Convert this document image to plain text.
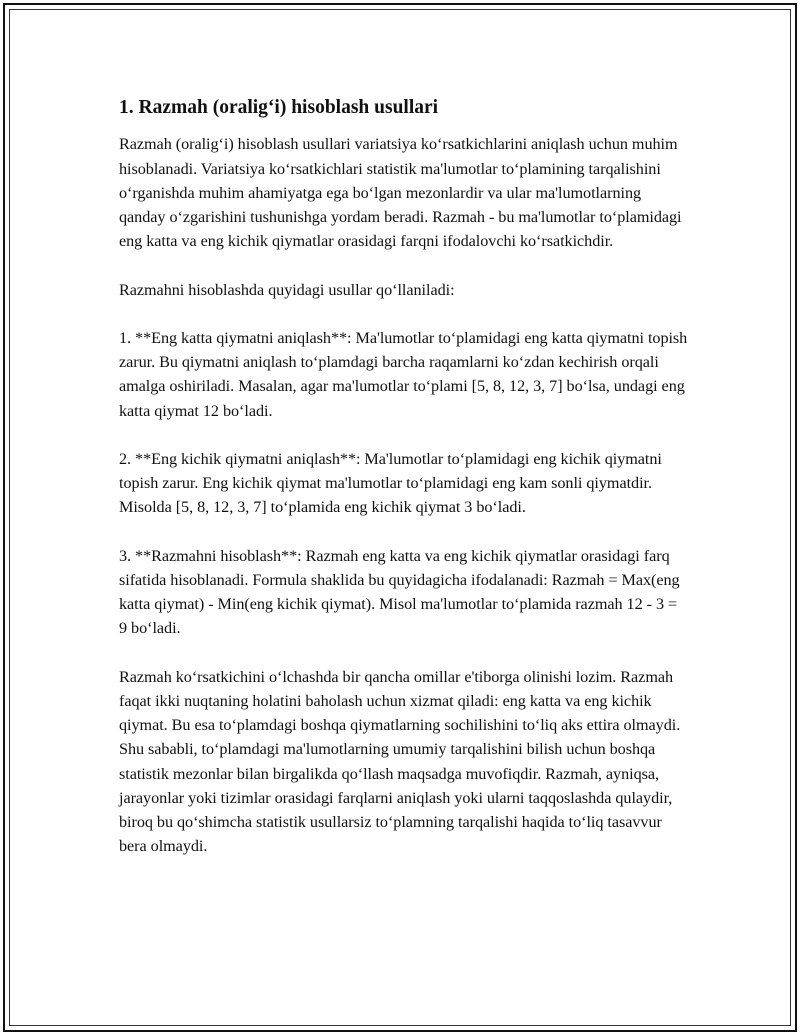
1. Razmah (oralig‘i) hisoblash usullari

Razmah (oralig‘i) hisoblash usullari variatsiya ko‘rsatkichlarini aniqlash uchun muhim hisoblanadi. Variatsiya ko‘rsatkichlari statistik ma'lumotlar to‘plamining tarqalishini o‘rganishda muhim ahamiyatga ega bo‘lgan mezonlardir va ular ma'lumotlarning qanday o‘zgarishini tushunishga yordam beradi. Razmah - bu ma'lumotlar to‘plamidagi eng katta va eng kichik qiymatlar orasidagi farqni ifodalovchi ko‘rsatkichdir.

Razmahni hisoblashda quyidagi usullar qo‘llaniladi:

1. **Eng katta qiymatni aniqlash**: Ma'lumotlar to‘plamidagi eng katta qiymatni topish zarur. Bu qiymatni aniqlash to‘plamdagi barcha raqamlarni ko‘zdan kechirish orqali amalga oshiriladi. Masalan, agar ma'lumotlar to‘plami [5, 8, 12, 3, 7] bo‘lsa, undagi eng katta qiymat 12 bo‘ladi.

2. **Eng kichik qiymatni aniqlash**: Ma'lumotlar to‘plamidagi eng kichik qiymatni topish zarur. Eng kichik qiymat ma'lumotlar to‘plamidagi eng kam sonli qiymatdir. Misolda [5, 8, 12, 3, 7] to‘plamida eng kichik qiymat 3 bo‘ladi.

3. **Razmahni hisoblash**: Razmah eng katta va eng kichik qiymatlar orasidagi farq sifatida hisoblanadi. Formula shaklida bu quyidagicha ifodalanadi: Razmah = Max(eng katta qiymat) - Min(eng kichik qiymat). Misol ma'lumotlar to‘plamida razmah 12 - 3 = 9 bo‘ladi.

Razmah ko‘rsatkichini o‘lchashda bir qancha omillar e'tiborga olinishi lozim. Razmah faqat ikki nuqtaning holatini baholash uchun xizmat qiladi: eng katta va eng kichik qiymat. Bu esa to‘plamdagi boshqa qiymatlarning sochilishini to‘liq aks ettira olmaydi. Shu sababli, to‘plamdagi ma'lumotlarning umumiy tarqalishini bilish uchun boshqa statistik mezonlar bilan birgalikda qo‘llash maqsadga muvofiqdir. Razmah, ayniqsa, jarayonlar yoki tizimlar orasidagi farqlarni aniqlash yoki ularni taqqoslashda qulaydir, biroq bu qo‘shimcha statistik usullarsiz to‘plamning tarqalishi haqida to‘liq tasavvur bera olmaydi.
